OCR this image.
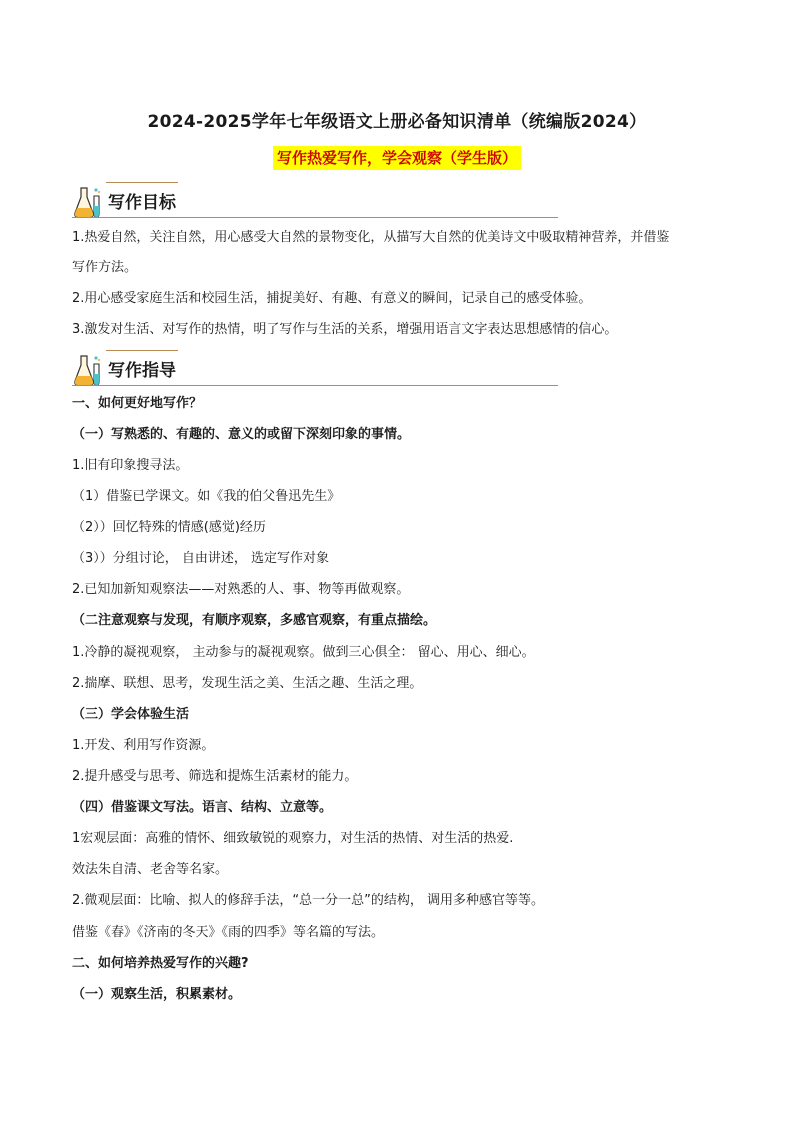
2024-2025学年七年级语文上册必备知识清单（统编版2024）
写作热爱写作，学会观察（学生版）
写作目标

1.热爱自然，关注自然，用心感受大自然的景物变化，从描写大自然的优美诗文中吸取精神营养，并借鉴

写作方法。

2.用心感受家庭生活和校园生活，捕捉美好、有趣、有意义的瞬间，记录自己的感受体验。

3.激发对生活、对写作的热情，明了写作与生活的关系，增强用语言文字表达思想感情的信心。

写作指导

一、如何更好地写作？

（一）写熟悉的、有趣的、意义的或留下深刻印象的事情。

1.旧有印象搜寻法。

（1）借鉴已学课文。如《我的伯父鲁迅先生》

（2））回忆特殊的情感(感觉)经历

（3））分组讨论， 自由讲述， 选定写作对象

2.已知加新知观察法——对熟悉的人、事、物等再做观察。

（二注意观察与发现，有顺序观察，多感官观察，有重点描绘。

1.冷静的凝视观察， 主动参与的凝视观察。做到三心俱全： 留心、用心、细心。

2.揣摩、联想、思考，发现生活之美、生活之趣、生活之理。

（三）学会体验生活

1.开发、利用写作资源。

2.提升感受与思考、筛选和提炼生活素材的能力。

（四）借鉴课文写法。语言、结构、立意等。

1宏观层面：高雅的情怀、细致敏锐的观察力，对生活的热情、对生活的热爱.

效法朱自清、老舍等名家。

2.微观层面：比喻、拟人的修辞手法，“总一分一总”的结构， 调用多种感官等等。

借鉴《春》《济南的冬天》《雨的四季》等名篇的写法。

二、如何培养热爱写作的兴趣?

（一）观察生活，积累素材。
